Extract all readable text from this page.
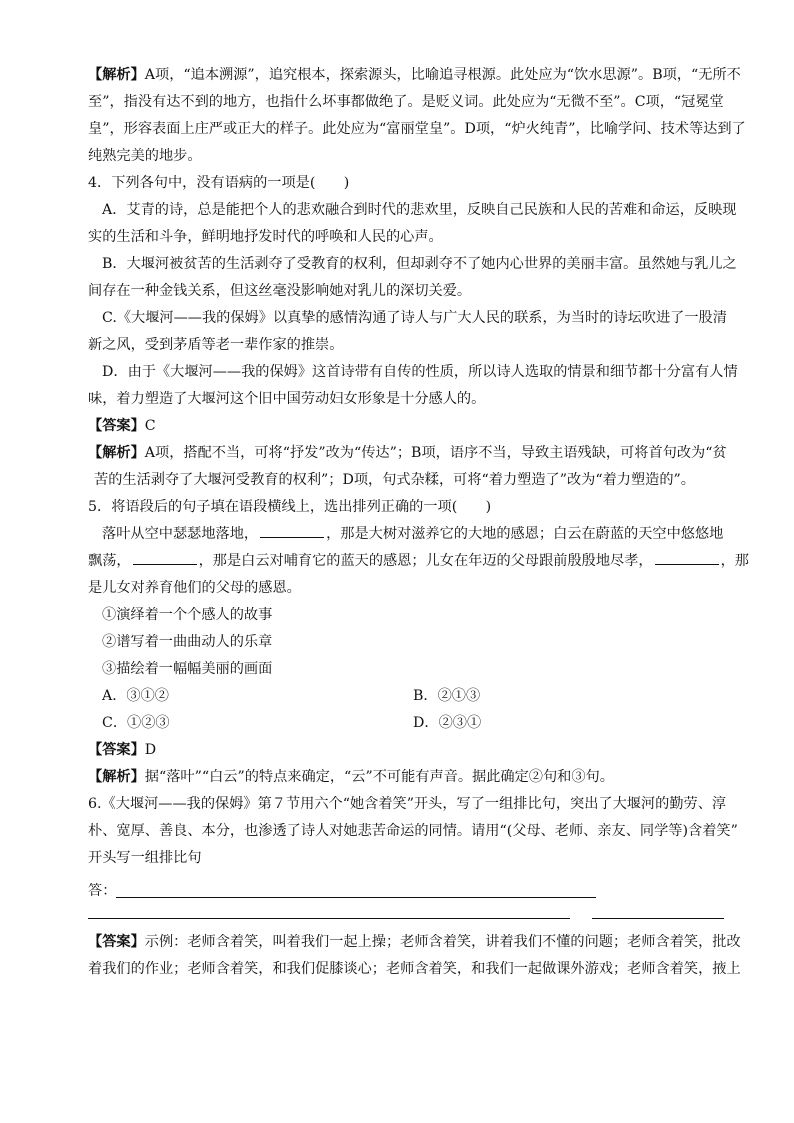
【解析】A项，“追本溯源”，追究根本，探索源头，比喻追寻根源。此处应为“饮水思源”。B项，“无所不
至”，指没有达不到的地方，也指什么坏事都做绝了。是贬义词。此处应为“无微不至”。C项，“冠冕堂
皇”，形容表面上庄严或正大的样子。此处应为“富丽堂皇”。D项，“炉火纯青”，比喻学问、技术等达到了
纯熟完美的地步。
4．下列各句中，没有语病的一项是(　　)
A．艾青的诗，总是能把个人的悲欢融合到时代的悲欢里，反映自己民族和人民的苦难和命运，反映现
实的生活和斗争，鲜明地抒发时代的呼唤和人民的心声。
B．大堰河被贫苦的生活剥夺了受教育的权利，但却剥夺不了她内心世界的美丽丰富。虽然她与乳儿之
间存在一种金钱关系，但这丝毫没影响她对乳儿的深切关爱。
C.《大堰河——我的保姆》以真挚的感情沟通了诗人与广大人民的联系，为当时的诗坛吹进了一股清
新之风，受到茅盾等老一辈作家的推崇。
D．由于《大堰河——我的保姆》这首诗带有自传的性质，所以诗人选取的情景和细节都十分富有人情
味，着力塑造了大堰河这个旧中国劳动妇女形象是十分感人的。
【答案】C
【解析】A项，搭配不当，可将“抒发”改为“传达”；B项，语序不当，导致主语残缺，可将首句改为“贫
苦的生活剥夺了大堰河受教育的权利”；D项，句式杂糅，可将“着力塑造了”改为“着力塑造的”。
5．将语段后的句子填在语段横线上，选出排列正确的一项(　　)
落叶从空中瑟瑟地落地，	，那是大树对滋养它的大地的感恩；白云在蔚蓝的天空中悠悠地
飘荡，	，那是白云对哺育它的蓝天的感恩；儿女在年迈的父母跟前殷殷地尽孝，	，那
是儿女对养育他们的父母的感恩。
①演绎着一个个感人的故事
②谱写着一曲曲动人的乐章
③描绘着一幅幅美丽的画面
A．③①②	B．②①③
C．①②③	D．②③①
【答案】D
【解析】据“落叶”“白云”的特点来确定，“云”不可能有声音。据此确定②句和③句。
6.《大堰河——我的保姆》第７节用六个“她含着笑”开头，写了一组排比句，突出了大堰河的勤劳、淳
朴、宽厚、善良、本分，也渗透了诗人对她悲苦命运的同情。请用“(父母、老师、亲友、同学等)含着笑”
开头写一组排比句
答：
【答案】示例：老师含着笑，叫着我们一起上操；老师含着笑，讲着我们不懂的问题；老师含着笑，批改
着我们的作业；老师含着笑，和我们促膝谈心；老师含着笑，和我们一起做课外游戏；老师含着笑，掖上
